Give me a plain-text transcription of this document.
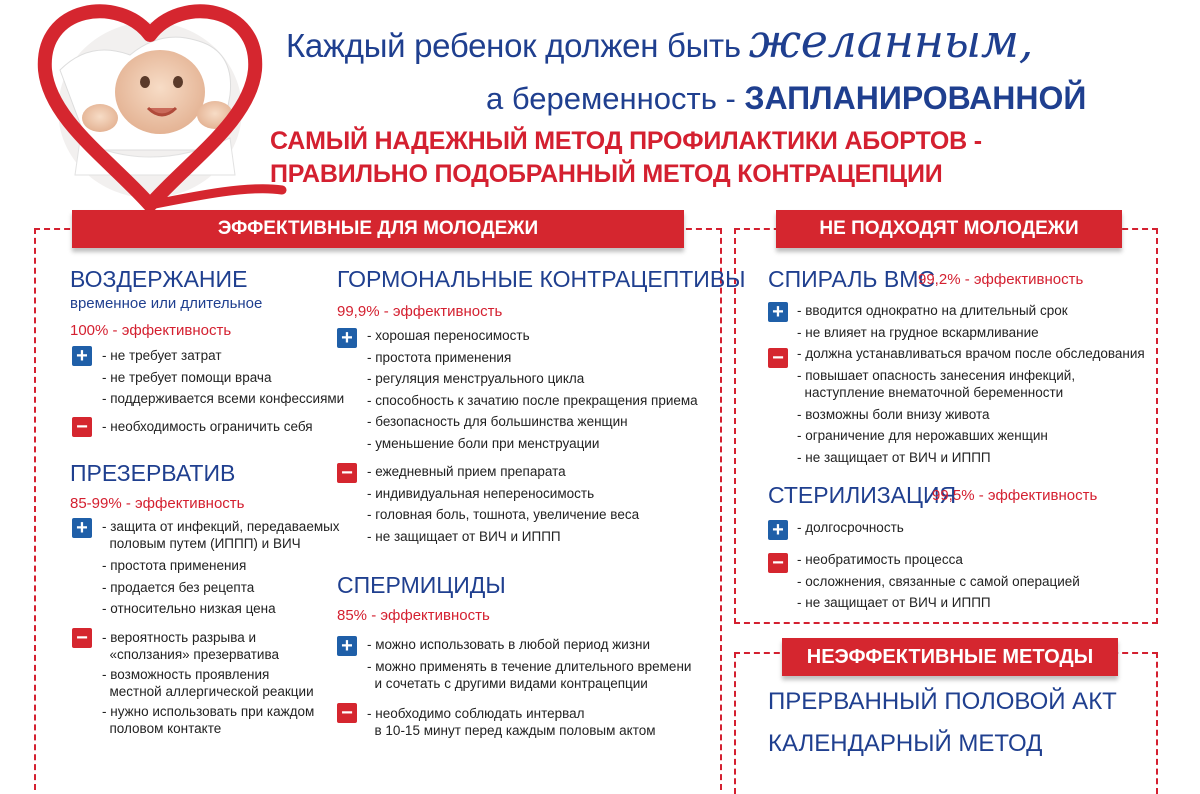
Каждый ребенок должен быть желанным,
а беременность - ЗАПЛАНИРОВАННОЙ
САМЫЙ НАДЕЖНЫЙ МЕТОД ПРОФИЛАКТИКИ АБОРТОВ -
ПРАВИЛЬНО ПОДОБРАННЫЙ МЕТОД КОНТРАЦЕПЦИИ
ЭФФЕКТИВНЫЕ ДЛЯ МОЛОДЕЖИ	НЕ ПОДХОДЯТ МОЛОДЕЖИ
НЕЭФФЕКТИВНЫЕ МЕТОДЫ
ВОЗДЕРЖАНИЕ
временное или длительное
100% - эффективность
+	- не требует затрат
- не требует помощи врача
- поддерживается всеми конфессиями
−	- необходимость ограничить себя
ПРЕЗЕРВАТИВ
85-99% - эффективность
+	- защита от инфекций, передаваемых
половым путем (ИППП) и ВИЧ
- простота применения
- продается без рецепта
- относительно низкая цена
−	- вероятность разрыва и
«сползания» презерватива
- возможность проявления
местной аллергической реакции
- нужно использовать при каждом
половом контакте
ГОРМОНАЛЬНЫЕ КОНТРАЦЕПТИВЫ
99,9% - эффективность
+	- хорошая переносимость
- простота применения
- регуляция менструального цикла
- способность к зачатию после прекращения приема
- безопасность для большинства женщин
- уменьшение боли при менструации
−	- ежедневный прием препарата
- индивидуальная непереносимость
- головная боль, тошнота, увеличение веса
- не защищает от ВИЧ и ИППП
СПЕРМИЦИДЫ
85% - эффективность
+	- можно использовать в любой период жизни
- можно применять в течение длительного времени
и сочетать с другими видами контрацепции
−	- необходимо соблюдать интервал
в 10-15 минут перед каждым половым актом
СПИРАЛЬ ВМС
99,2% - эффективность
+ - вводится однократно на длительный срок
- не влияет на грудное вскармливание
− - должна устанавливаться врачом после обследования
- повышает опасность занесения инфекций,
наступление внематочной беременности
- возможны боли внизу живота
- ограничение для нерожавших женщин
- не защищает от ВИЧ и ИППП
СТЕРИЛИЗАЦИЯ
99,5% - эффективность
+ - долгосрочность
− - необратимость процесса
- осложнения, связанные с самой операцией
- не защищает от ВИЧ и ИППП
ПРЕРВАННЫЙ ПОЛОВОЙ АКТ
КАЛЕНДАРНЫЙ МЕТОД
